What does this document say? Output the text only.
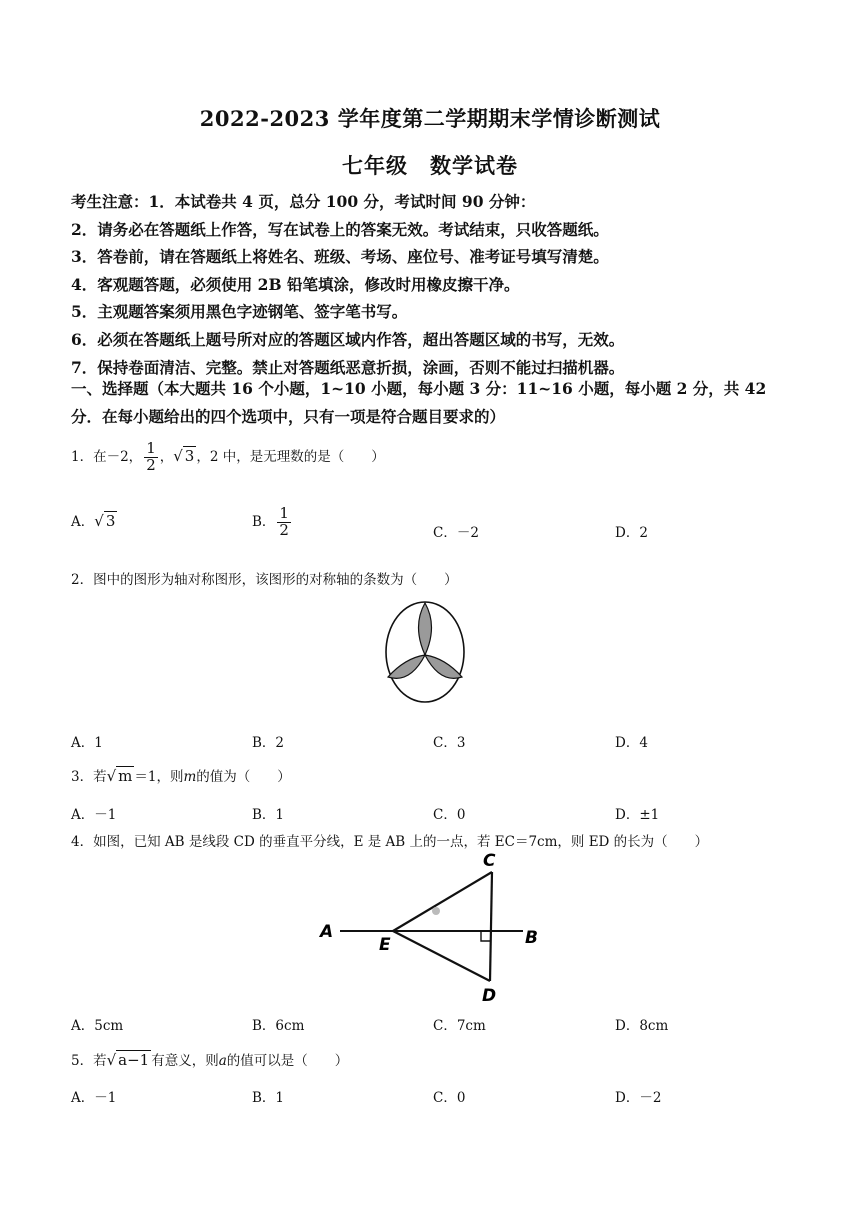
2022-2023 学年度第二学期期末学情诊断测试
七年级　数学试卷
考生注意：1．本试卷共 4 页，总分 100 分，考试时间 90 分钟：
2．请务必在答题纸上作答，写在试卷上的答案无效。考试结束，只收答题纸。
3．答卷前，请在答题纸上将姓名、班级、考场、座位号、准考证号填写清楚。
4．客观题答题，必须使用 2B 铅笔填涂，修改时用橡皮擦干净。
5．主观题答案须用黑色字迹钢笔、签字笔书写。
6．必须在答题纸上题号所对应的答题区域内作答，超出答题区域的书写，无效。
7．保持卷面清洁、完整。禁止对答题纸恶意折损，涂画，否则不能过扫描机器。
一、选择题（本大题共 16 个小题，1~10 小题，每小题 3 分：11~16 小题，每小题 2 分，共 42
分．在每小题给出的四个选项中，只有一项是符合题目要求的）
1．在－2， $\frac{1}{2}$ ，√ 3 ，2 中，是无理数的是（　　）
A．√ 3	B． $\frac{1}{2}$	C．－2	D．2
2．图中的图形为轴对称图形，该图形的对称轴的条数为（　　）
A．1	B．2	C．3	D．4
3．若√ m ＝1，则m的值为（　　）
A．－1	B．1	C．0	D．±1
4．如图，已知 AB 是线段 CD 的垂直平分线，E 是 AB 上的一点，若 EC＝7cm，则 ED 的长为（　　）
A	B
C
D
E
A．5cm	B．6cm	C．7cm	D．8cm
5．若√ a−1 有意义，则a的值可以是（　　）
A．－1	B．1	C．0	D．－2
